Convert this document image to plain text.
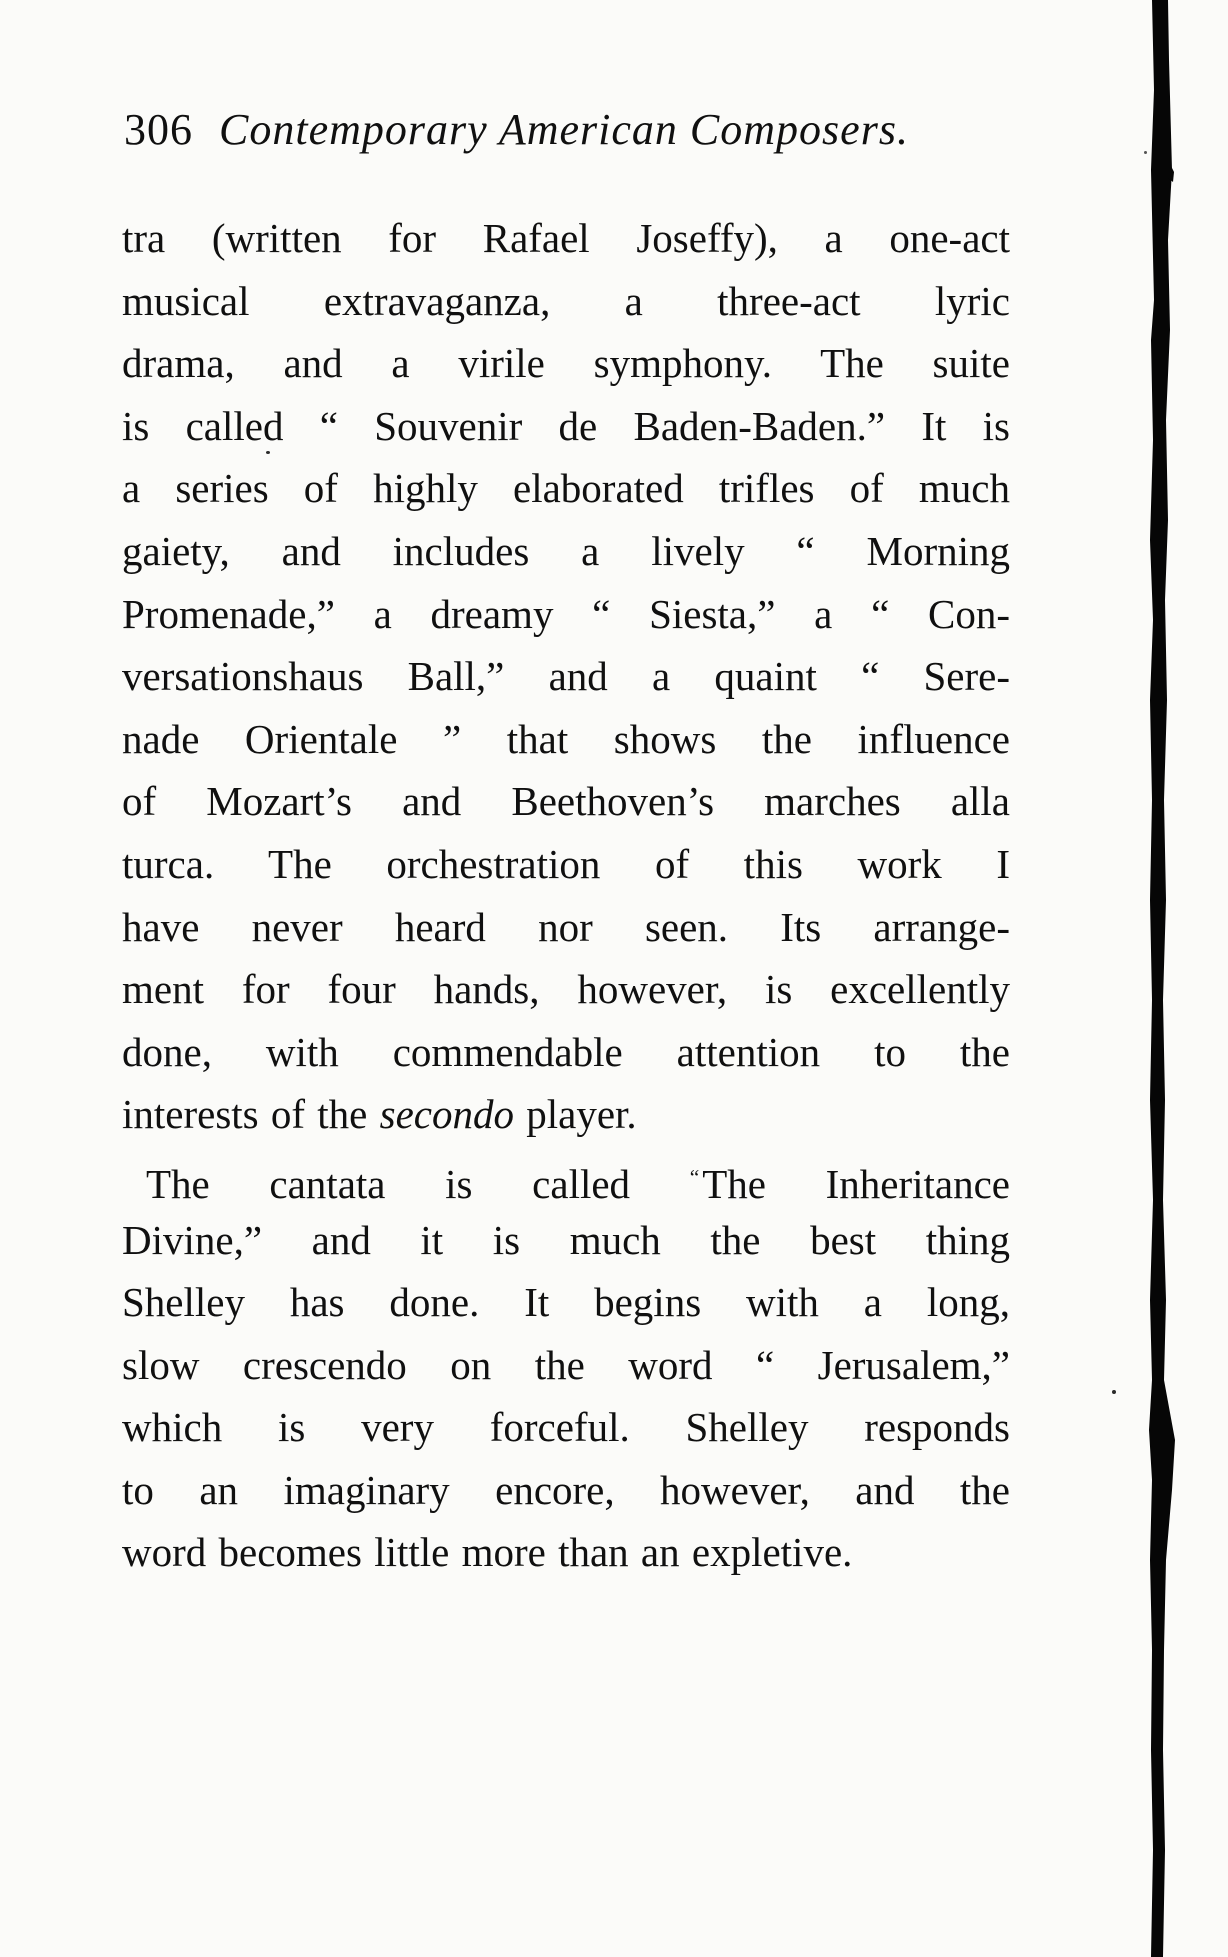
306 Contemporary American Composers.
tra (written for Rafael Joseffy), a one-act
musical extravaganza, a three-act lyric
drama, and a virile symphony. The suite
is called “ Souvenir de Baden-Baden.” It is
a series of highly elaborated trifles of much
gaiety, and includes a lively “ Morning
Promenade,” a dreamy “ Siesta,” a “ Con-
versationshaus Ball,” and a quaint “ Sere-
nade Orientale ” that shows the influence
of Mozart’s and Beethoven’s marches alla
turca. The orchestration of this work I
have never heard nor seen. Its arrange-
ment for four hands, however, is excellently
done, with commendable attention to the
interests of the secondo player.
The cantata is called “The Inheritance
Divine,” and it is much the best thing
Shelley has done. It begins with a long,
slow crescendo on the word “ Jerusalem,”
which is very forceful. Shelley responds
to an imaginary encore, however, and the
word becomes little more than an expletive.
